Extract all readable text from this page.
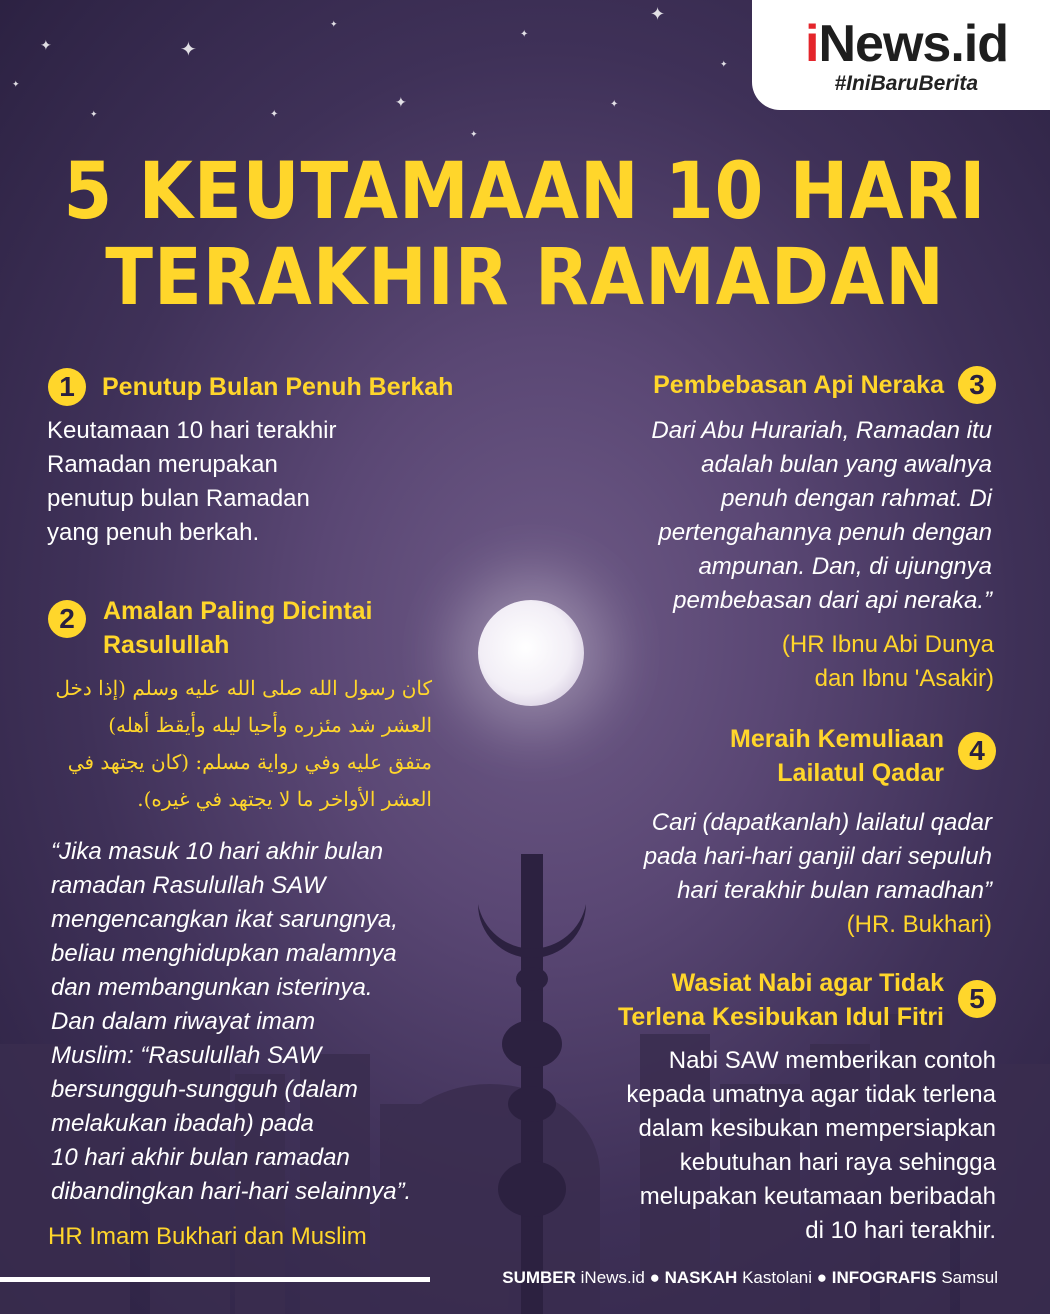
✦	✦
✦
✦
✦
✦
✦
✦
✦
✦
✦
✦
iNews.id
#IniBaruBerita
5 KEUTAMAAN 10 HARI
TERAKHIR RAMADAN
1	Penutup Bulan Penuh Berkah
Keutamaan 10 hari terakhir
Ramadan merupakan
penutup bulan Ramadan
yang penuh berkah.
2	Amalan Paling Dicintai
Rasulullah
كان رسول الله صلى الله عليه وسلم (إذا دخل
العشر شد مئزره وأحيا ليله وأيقظ أهله)
متفق عليه وفي رواية مسلم: (كان يجتهد في
العشر الأواخر ما لا يجتهد في غيره).
“Jika masuk 10 hari akhir bulan
ramadan Rasulullah SAW
mengencangkan ikat sarungnya,
beliau menghidupkan malamnya
dan membangunkan isterinya.
Dan dalam riwayat imam
Muslim: “Rasulullah SAW
bersungguh-sungguh (dalam
melakukan ibadah) pada
10 hari akhir bulan ramadan
dibandingkan hari-hari selainnya”.
HR Imam Bukhari dan Muslim
Pembebasan Api Neraka 3
Dari Abu Hurariah, Ramadan itu
adalah bulan yang awalnya
penuh dengan rahmat. Di
pertengahannya penuh dengan
ampunan. Dan, di ujungnya
pembebasan dari api neraka.”
(HR Ibnu Abi Dunya
dan Ibnu 'Asakir)
Meraih Kemuliaan
Lailatul Qadar
4
Cari (dapatkanlah) lailatul qadar
pada hari-hari ganjil dari sepuluh
hari terakhir bulan ramadhan”
(HR. Bukhari)
Wasiat Nabi agar Tidak
Terlena Kesibukan Idul Fitri
5
Nabi SAW memberikan contoh
kepada umatnya agar tidak terlena
dalam kesibukan mempersiapkan
kebutuhan hari raya sehingga
melupakan keutamaan beribadah
di 10 hari terakhir.
SUMBER iNews.id ● NASKAH Kastolani ● INFOGRAFIS Samsul
